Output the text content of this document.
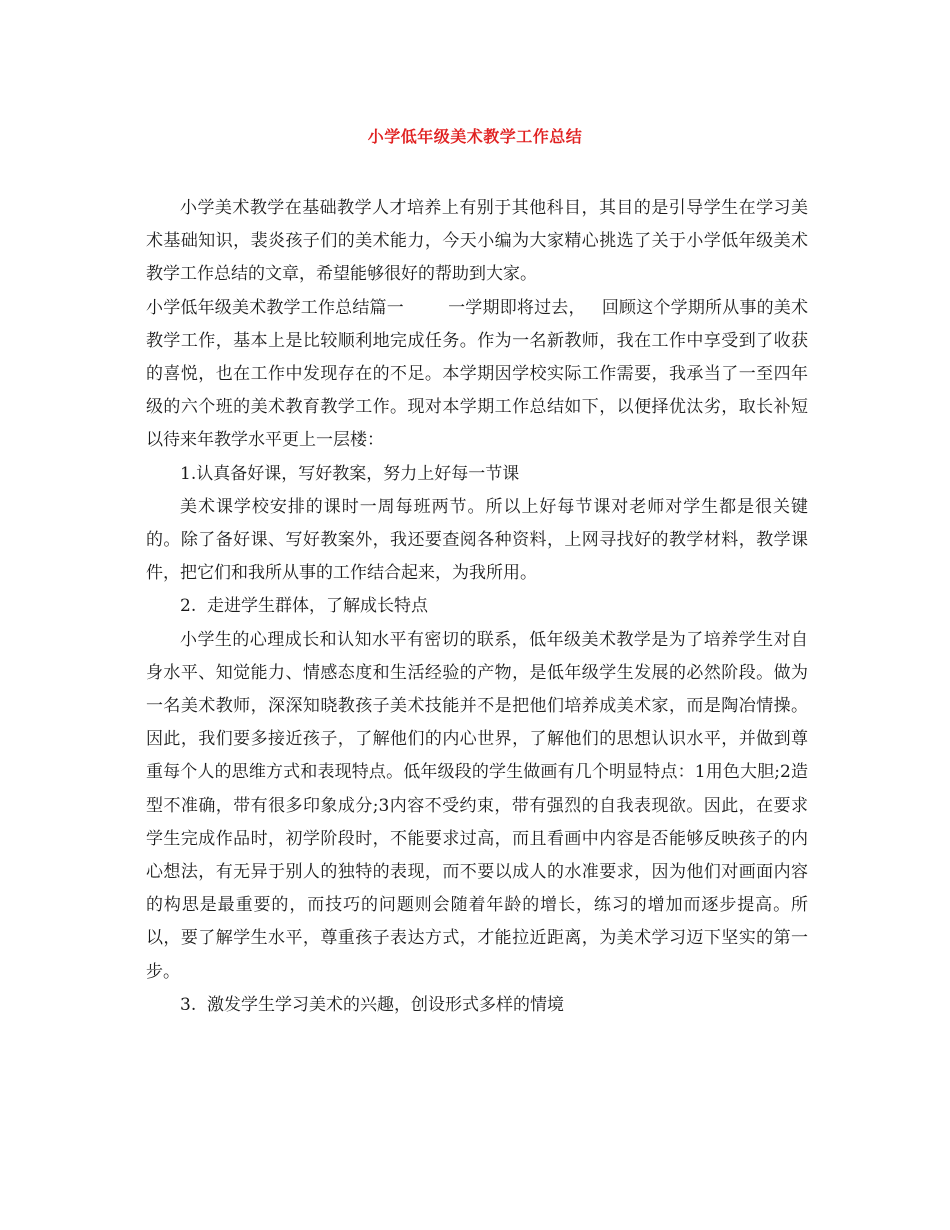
小学低年级美术教学工作总结

小学美术教学在基础教学人才培养上有别于其他科目，其目的是引导学生在学习美术基础知识，裴炎孩子们的美术能力，今天小编为大家精心挑选了关于小学低年级美术教学工作总结的文章，希望能够很好的帮助到大家。

小学低年级美术教学工作总结篇一	一学期即将过去， 回顾这个学期所从事的美术教学工作，基本上是比较顺利地完成任务。作为一名新教师，我在工作中享受到了收获的喜悦，也在工作中发现存在的不足。本学期因学校实际工作需要，我承当了一至四年级的六个班的美术教育教学工作。现对本学期工作总结如下，以便择优汰劣，取长补短以待来年教学水平更上一层楼：

1.认真备好课，写好教案，努力上好每一节课

美术课学校安排的课时一周每班两节。所以上好每节课对老师对学生都是很关键的。除了备好课、写好教案外，我还要查阅各种资料，上网寻找好的教学材料，教学课件，把它们和我所从事的工作结合起来，为我所用。

2.  走进学生群体，了解成长特点

小学生的心理成长和认知水平有密切的联系，低年级美术教学是为了培养学生对自身水平、知觉能力、情感态度和生活经验的产物，是低年级学生发展的必然阶段。做为一名美术教师，深深知晓教孩子美术技能并不是把他们培养成美术家，而是陶冶情操。因此，我们要多接近孩子，了解他们的内心世界，了解他们的思想认识水平，并做到尊重每个人的思维方式和表现特点。低年级段的学生做画有几个明显特点：1用色大胆;2造型不准确，带有很多印象成分;3内容不受约束，带有强烈的自我表现欲。因此，在要求学生完成作品时，初学阶段时，不能要求过高，而且看画中内容是否能够反映孩子的内心想法，有无异于别人的独特的表现，而不要以成人的水准要求，因为他们对画面内容的构思是最重要的，而技巧的问题则会随着年龄的增长，练习的增加而逐步提高。所以，要了解学生水平，尊重孩子表达方式，才能拉近距离，为美术学习迈下坚实的第一步。

3.  激发学生学习美术的兴趣，创设形式多样的情境
